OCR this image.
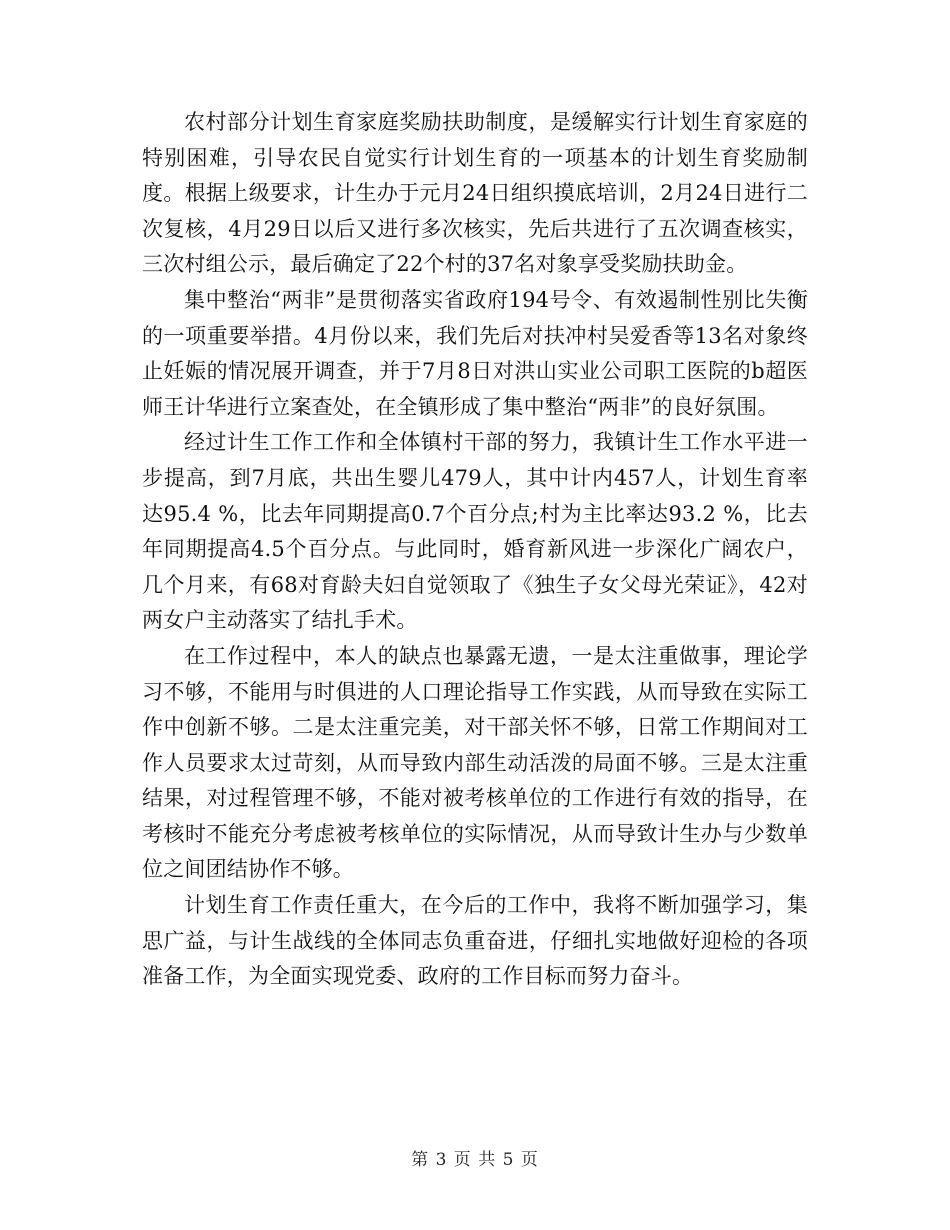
农村部分计划生育家庭奖励扶助制度，是缓解实行计划生育家庭的特别困难，引导农民自觉实行计划生育的一项基本的计划生育奖励制度。根据上级要求，计生办于元月24日组织摸底培训，2月24日进行二次复核，4月29日以后又进行多次核实，先后共进行了五次调查核实，三次村组公示，最后确定了22个村的37名对象享受奖励扶助金。

集中整治“两非”是贯彻落实省政府194号令、有效遏制性别比失衡的一项重要举措。4月份以来，我们先后对扶冲村吴爱香等13名对象终止妊娠的情况展开调查，并于7月8日对洪山实业公司职工医院的b超医师王计华进行立案查处，在全镇形成了集中整治“两非”的良好氛围。

经过计生工作工作和全体镇村干部的努力，我镇计生工作水平进一步提高，到7月底，共出生婴儿479人，其中计内457人，计划生育率达95.4 %，比去年同期提高0.7个百分点;村为主比率达93.2 %，比去年同期提高4.5个百分点。与此同时，婚育新风进一步深化广阔农户，几个月来，有68对育龄夫妇自觉领取了《独生子女父母光荣证》，42对两女户主动落实了结扎手术。

在工作过程中，本人的缺点也暴露无遗，一是太注重做事，理论学习不够，不能用与时俱进的人口理论指导工作实践，从而导致在实际工作中创新不够。二是太注重完美，对干部关怀不够，日常工作期间对工作人员要求太过苛刻，从而导致内部生动活泼的局面不够。三是太注重结果，对过程管理不够，不能对被考核单位的工作进行有效的指导，在考核时不能充分考虑被考核单位的实际情况，从而导致计生办与少数单位之间团结协作不够。

计划生育工作责任重大，在今后的工作中，我将不断加强学习，集思广益，与计生战线的全体同志负重奋进，仔细扎实地做好迎检的各项准备工作，为全面实现党委、政府的工作目标而努力奋斗。

第 3 页 共 5 页
